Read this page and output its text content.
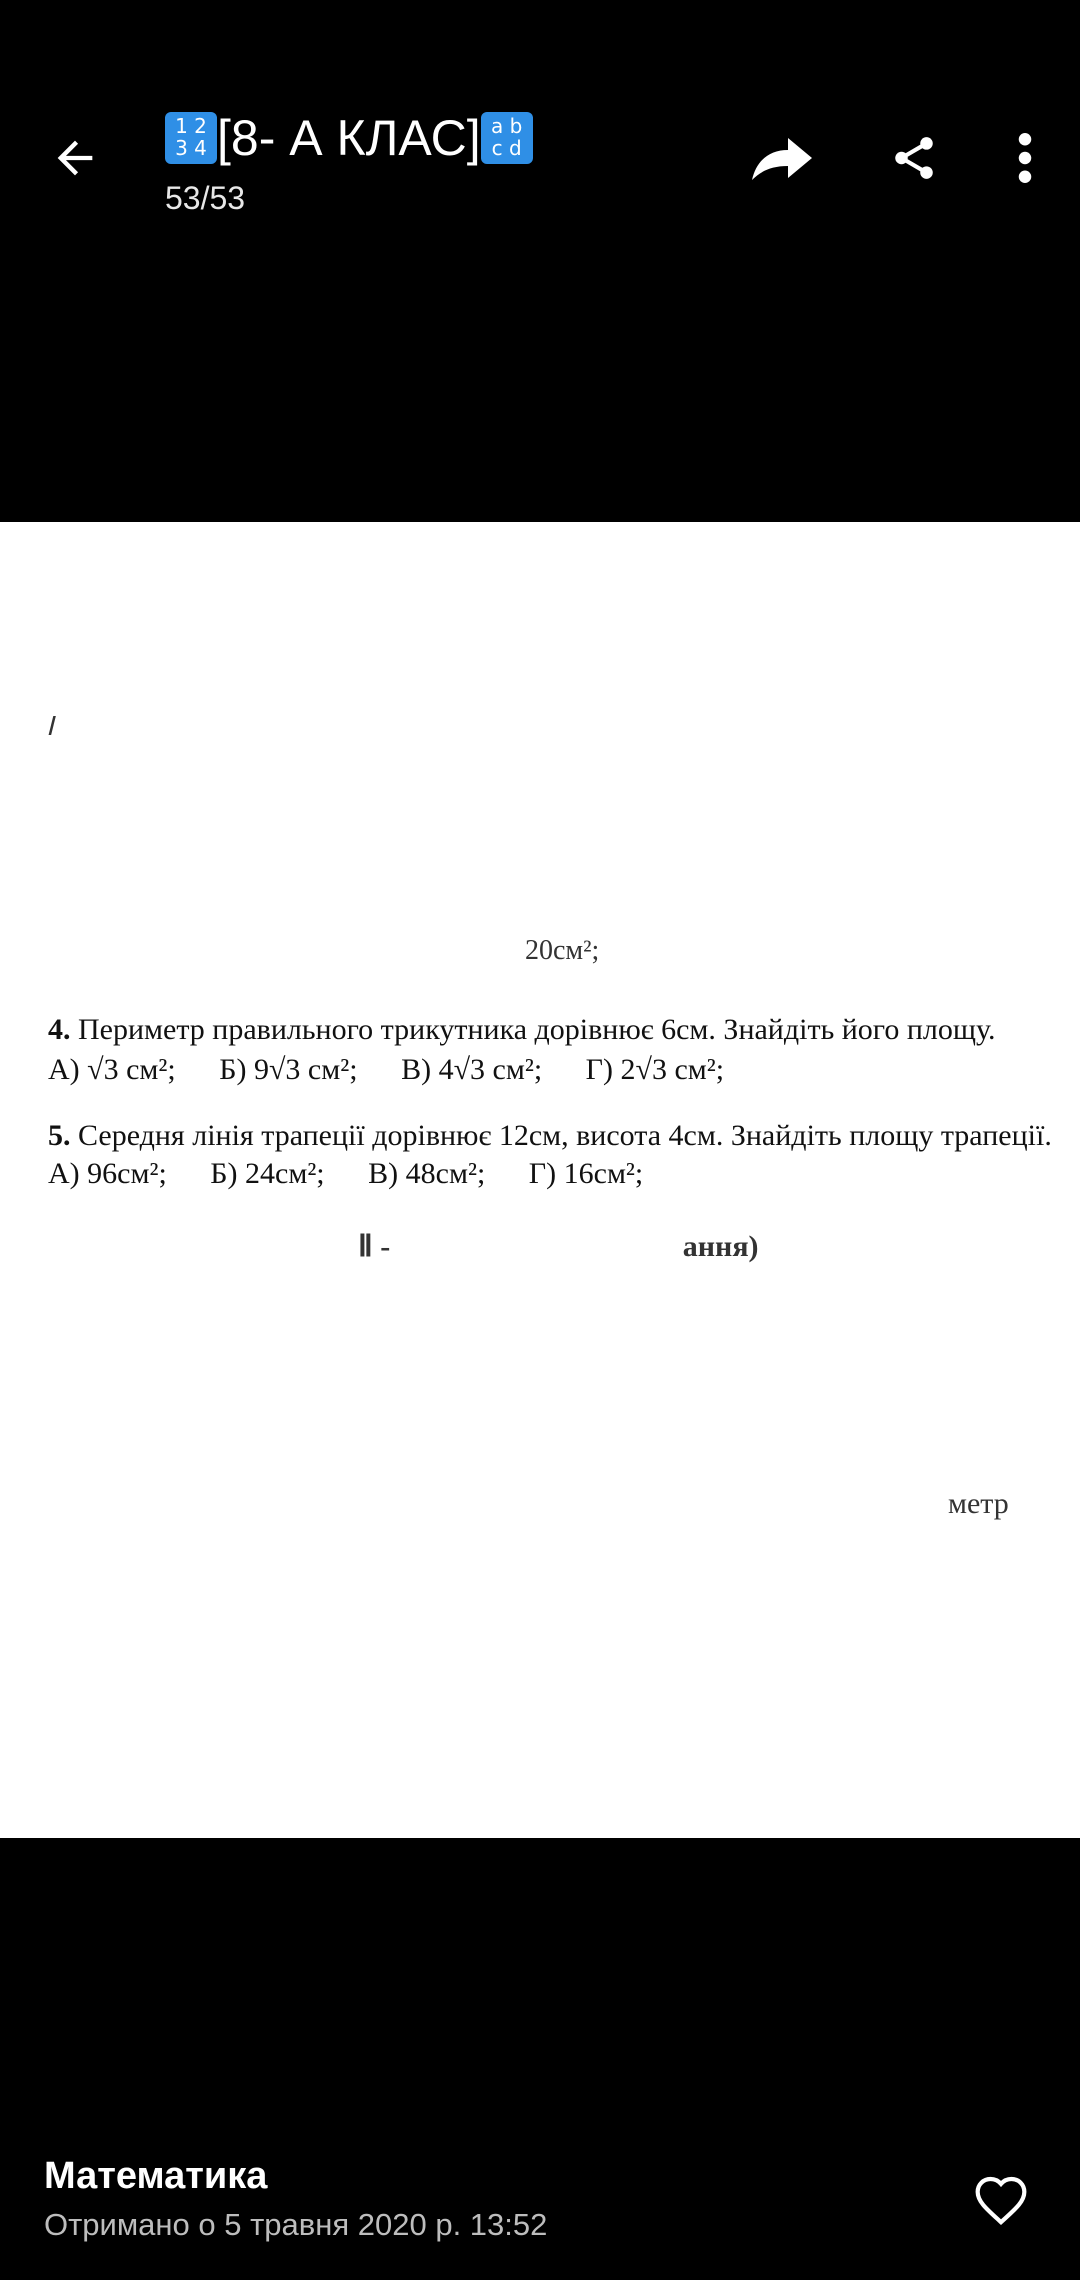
1 2
3 4 [8- А КЛАС] a b
c d
53/53
Ⅰ
20см²;
4. Периметр правильного трикутника дорівнює 6см. Знайдіть його площу.
А) √3 см²; Б) 9√3 см²; В) 4√3 см²; Г) 2√3 см²;
5. Середня лінія трапеції дорівнює 12см, висота 4см. Знайдіть площу трапеції.
А) 96см²; Б) 24см²; В) 48см²; Г) 16см²;
Ⅱ -                                       ання)
метр
Математика
Отримано о 5 травня 2020 р. 13:52
